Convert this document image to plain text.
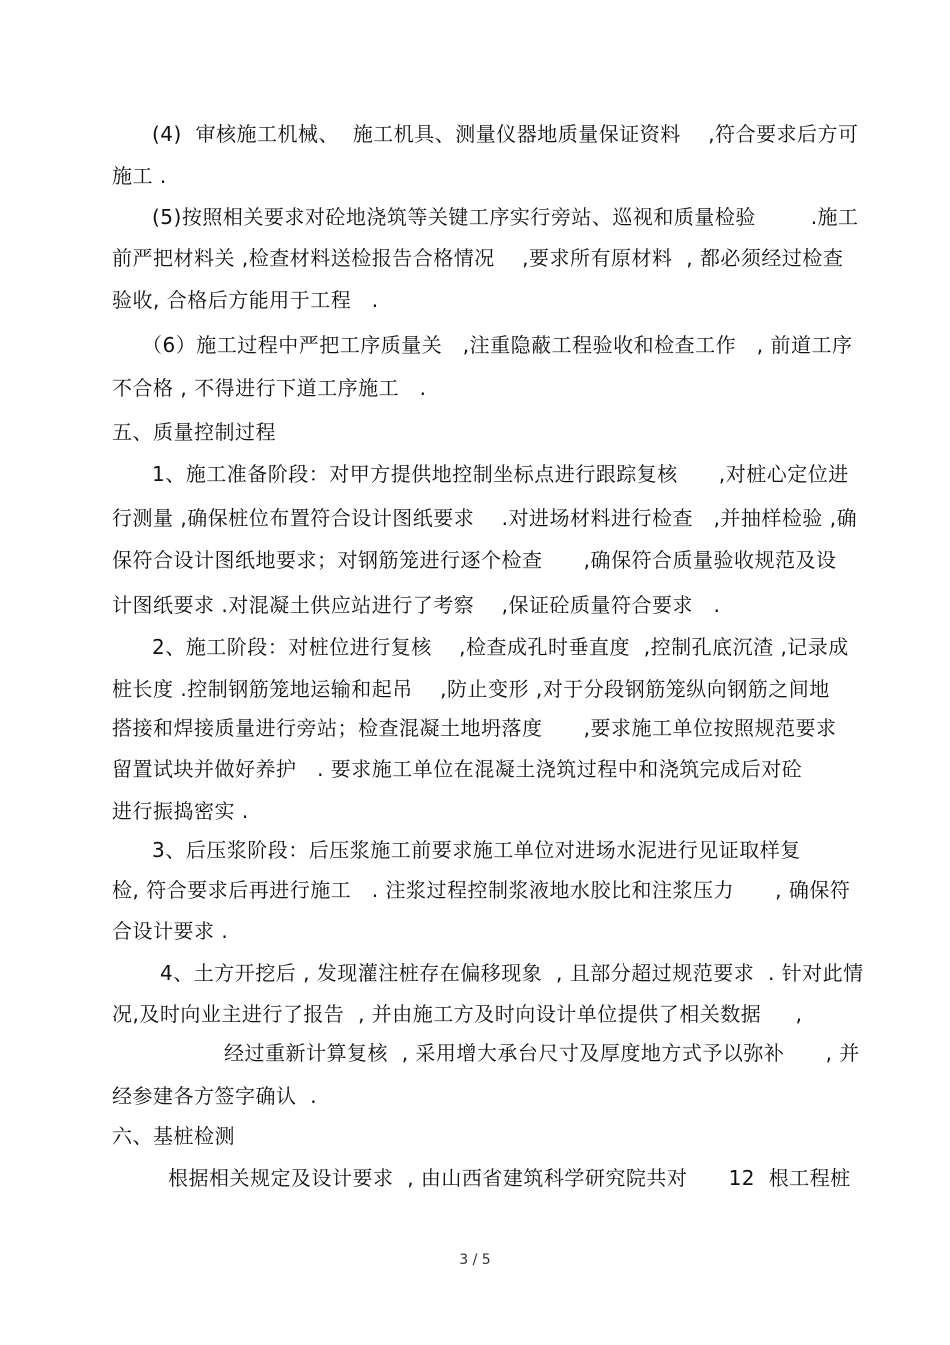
(4)  审核施工机械、  施工机具、测量仪器地质量保证资料    ,符合要求后方可
施工 .
(5)按照相关要求对砼地浇筑等关键工序实行旁站、巡视和质量检验        .施工
前严把材料关 ,检查材料送检报告合格情况    ,要求所有原材料  , 都必须经过检查
验收, 合格后方能用于工程   .
（6）施工过程中严把工序质量关   ,注重隐蔽工程验收和检查工作   , 前道工序
不合格 , 不得进行下道工序施工   .
五、质量控制过程
1、施工准备阶段：对甲方提供地控制坐标点进行跟踪复核      ,对桩心定位进
行测量 ,确保桩位布置符合设计图纸要求    .对进场材料进行检查   ,并抽样检验 ,确
保符合设计图纸地要求；对钢筋笼进行逐个检查      ,确保符合质量验收规范及设
计图纸要求 .对混凝土供应站进行了考察    ,保证砼质量符合要求   .
2、施工阶段：对桩位进行复核    ,检查成孔时垂直度  ,控制孔底沉渣 ,记录成
桩长度 .控制钢筋笼地运输和起吊    ,防止变形 ,对于分段钢筋笼纵向钢筋之间地
搭接和焊接质量进行旁站；检查混凝土地坍落度      ,要求施工单位按照规范要求
留置试块并做好养护   . 要求施工单位在混凝土浇筑过程中和浇筑完成后对砼
进行振捣密实 .
3、后压浆阶段：后压浆施工前要求施工单位对进场水泥进行见证取样复
检, 符合要求后再进行施工   . 注浆过程控制浆液地水胶比和注浆压力      , 确保符
合设计要求 .
4、土方开挖后 , 发现灌注桩存在偏移现象  , 且部分超过规范要求  . 针对此情
况,及时向业主进行了报告  , 并由施工方及时向设计单位提供了相关数据     ,
经过重新计算复核  , 采用增大承台尺寸及厚度地方式予以弥补      , 并
经参建各方签字确认  .
六、基桩检测
根据相关规定及设计要求  , 由山西省建筑科学研究院共对      12  根工程桩
3 / 5
